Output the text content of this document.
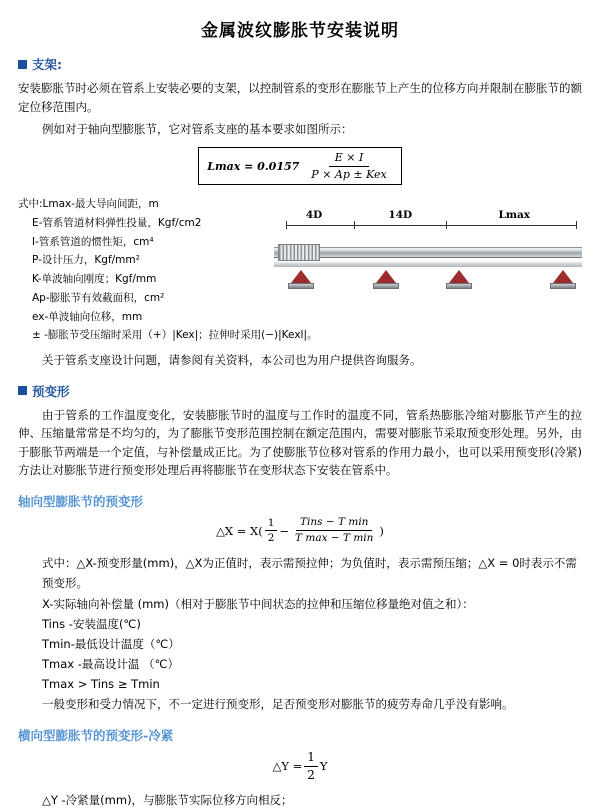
金属波纹膨胀节安装说明
支架:

安装膨胀节时必须在管系上安装必要的支架，以控制管系的变形在膨胀节上产生的位移方向并限制在膨胀节的额定位移范围内。

例如对于轴向型膨胀节，它对管系支座的基本要求如图所示：

$Lmax = 0.0157 \frac{E \times I}{\text{P × Ap ± Kex}}$
式中:Lmax-最大导向间距，m
E-管系管道材料弹性投量，Kgf/cm2
I-管系管道的惯性矩，cm⁴
P-设计压力，Kgf/mm²
K-单波轴向刚度；Kgf/mm
Ap-膨胀节有效截面积，cm²
ex-单波轴向位移，mm
± -膨胀节受压缩时采用（+）|Kex|；拉伸时采用(−)|Kexl|。
4D	14D	Lmax

关于管系支座设计问题，请参阅有关资料，本公司也为用户提供咨询服务。

预变形

由于管系的工作温度变化，安装膨胀节时的温度与工作时的温度不同，管系热膨胀冷缩对膨胀节产生的拉伸、压缩量常常是不均匀的，为了膨胀节变形范围控制在额定范围内，需要对膨胀节采取预变形处理。另外，由于膨胀节两端是一个定值，与补偿量成正比。为了使膨胀节位移对管系的作用力最小，也可以采用预变形(冷紧)方法让对膨胀节进行预变形处理后再将膨胀节在变形状态下安装在管系中。

轴向型膨胀节的预变形
△X = $X( \frac{1}{2} - \frac{\text{Tins − T min}}{\text{T max − T min}}$ )
式中：△X-预变形量(mm)，△X为正值时，表示需预拉伸；为负值时，表示需预压缩；△X = 0时表示不需预变形。
X-实际轴向补偿量 (mm)（相对于膨胀节中间状态的拉伸和压缩位移量绝对值之和）：
Tins -安装温度(℃)
Tmin-最低设计温度（℃）
Tmax -最高设计温 （℃）
Tmax > Tins ≥ Tmin
一般变形和受力情况下，不一定进行预变形，足否预变形对膨胀节的疲劳寿命几乎没有影响。
横向型膨胀节的预变形-冷紧
△Y = $\frac{1}{2}$ Y
△Y -冷紧量(mm)，与膨胀节实际位移方向相反；
